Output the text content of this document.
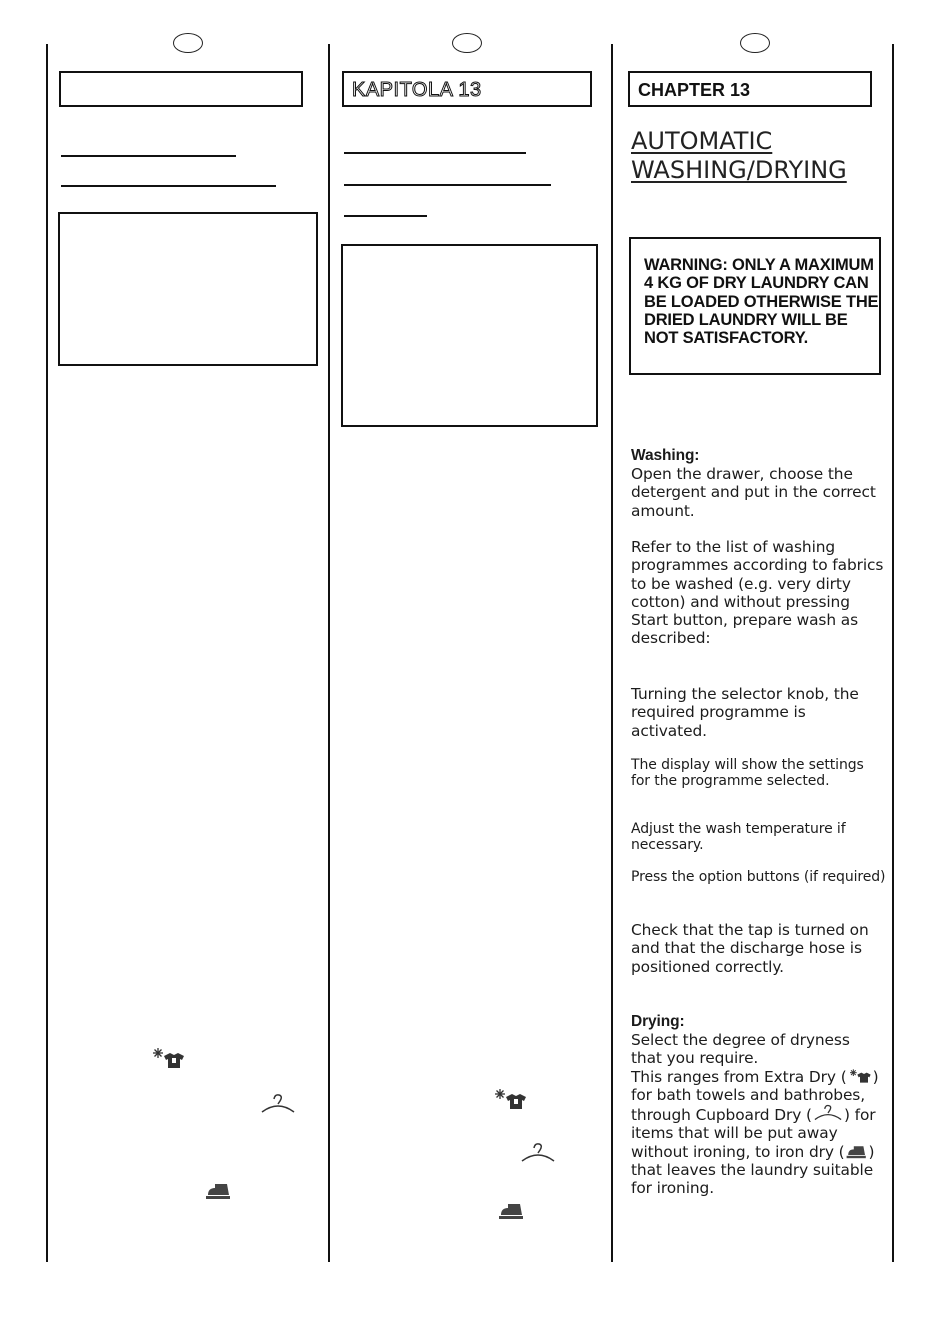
KAPITOLA 13	CHAPTER 13
AUTOMATIC WASHING/DRYING
WARNING: ONLY A MAXIMUM 4 KG OF DRY LAUNDRY CAN BE LOADED OTHERWISE THE DRIED LAUNDRY WILL BE NOT SATISFACTORY.
Washing:
Open the drawer, choose the detergent and put in the correct amount.
Refer to the list of washing programmes according to fabrics to be washed (e.g. very dirty cotton) and without pressing Start button, prepare wash as described:
Turning the selector knob, the required programme is activated.
The display will show the settings for the programme selected.
Adjust the wash temperature if necessary.
Press the option buttons (if required)
Check that the tap is turned on and that the discharge hose is positioned correctly.
Drying:
Select the degree of dryness that you require.
This ranges from Extra Dry ( ) for bath towels and bathrobes, through Cupboard Dry ( ) for items that will be put away without ironing, to iron dry ( ) that leaves the laundry suitable for ironing.
